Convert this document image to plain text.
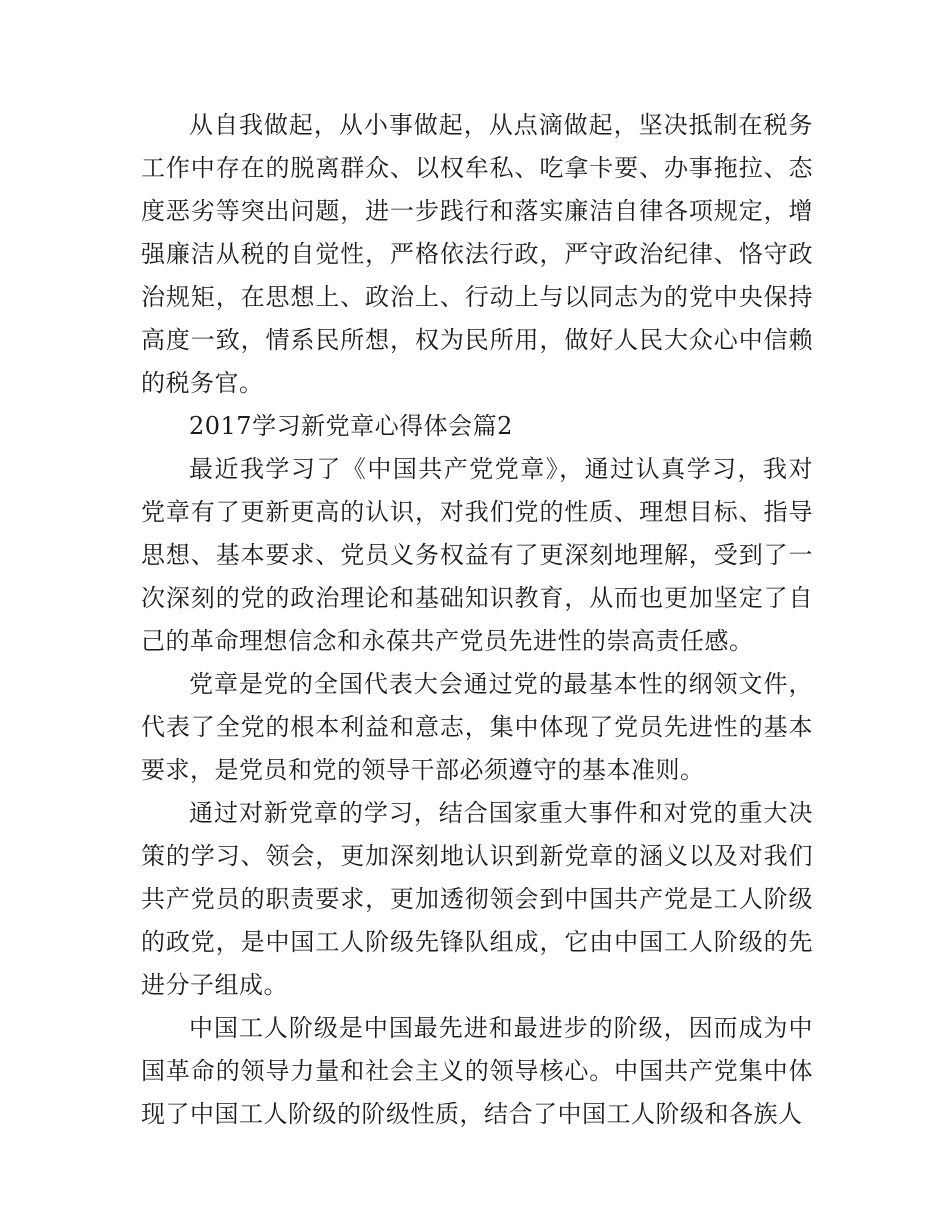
从自我做起，从小事做起，从点滴做起，坚决抵制在税务工作中存在的脱离群众、以权牟私、吃拿卡要、办事拖拉、态度恶劣等突出问题，进一步践行和落实廉洁自律各项规定，增强廉洁从税的自觉性，严格依法行政，严守政治纪律、恪守政治规矩，在思想上、政治上、行动上与以同志为的党中央保持高度一致，情系民所想，权为民所用，做好人民大众心中信赖的税务官。

2017学习新党章心得体会篇2

最近我学习了《中国共产党党章》，通过认真学习，我对党章有了更新更高的认识，对我们党的性质、理想目标、指导思想、基本要求、党员义务权益有了更深刻地理解，受到了一次深刻的党的政治理论和基础知识教育，从而也更加坚定了自己的革命理想信念和永葆共产党员先进性的崇高责任感。

党章是党的全国代表大会通过党的最基本性的纲领文件，代表了全党的根本利益和意志，集中体现了党员先进性的基本要求，是党员和党的领导干部必须遵守的基本准则。

通过对新党章的学习，结合国家重大事件和对党的重大决策的学习、领会，更加深刻地认识到新党章的涵义以及对我们共产党员的职责要求，更加透彻领会到中国共产党是工人阶级的政党，是中国工人阶级先锋队组成，它由中国工人阶级的先进分子组成。

中国工人阶级是中国最先进和最进步的阶级，因而成为中国革命的领导力量和社会主义的领导核心。中国共产党集中体现了中国工人阶级的阶级性质，结合了中国工人阶级和各族人
